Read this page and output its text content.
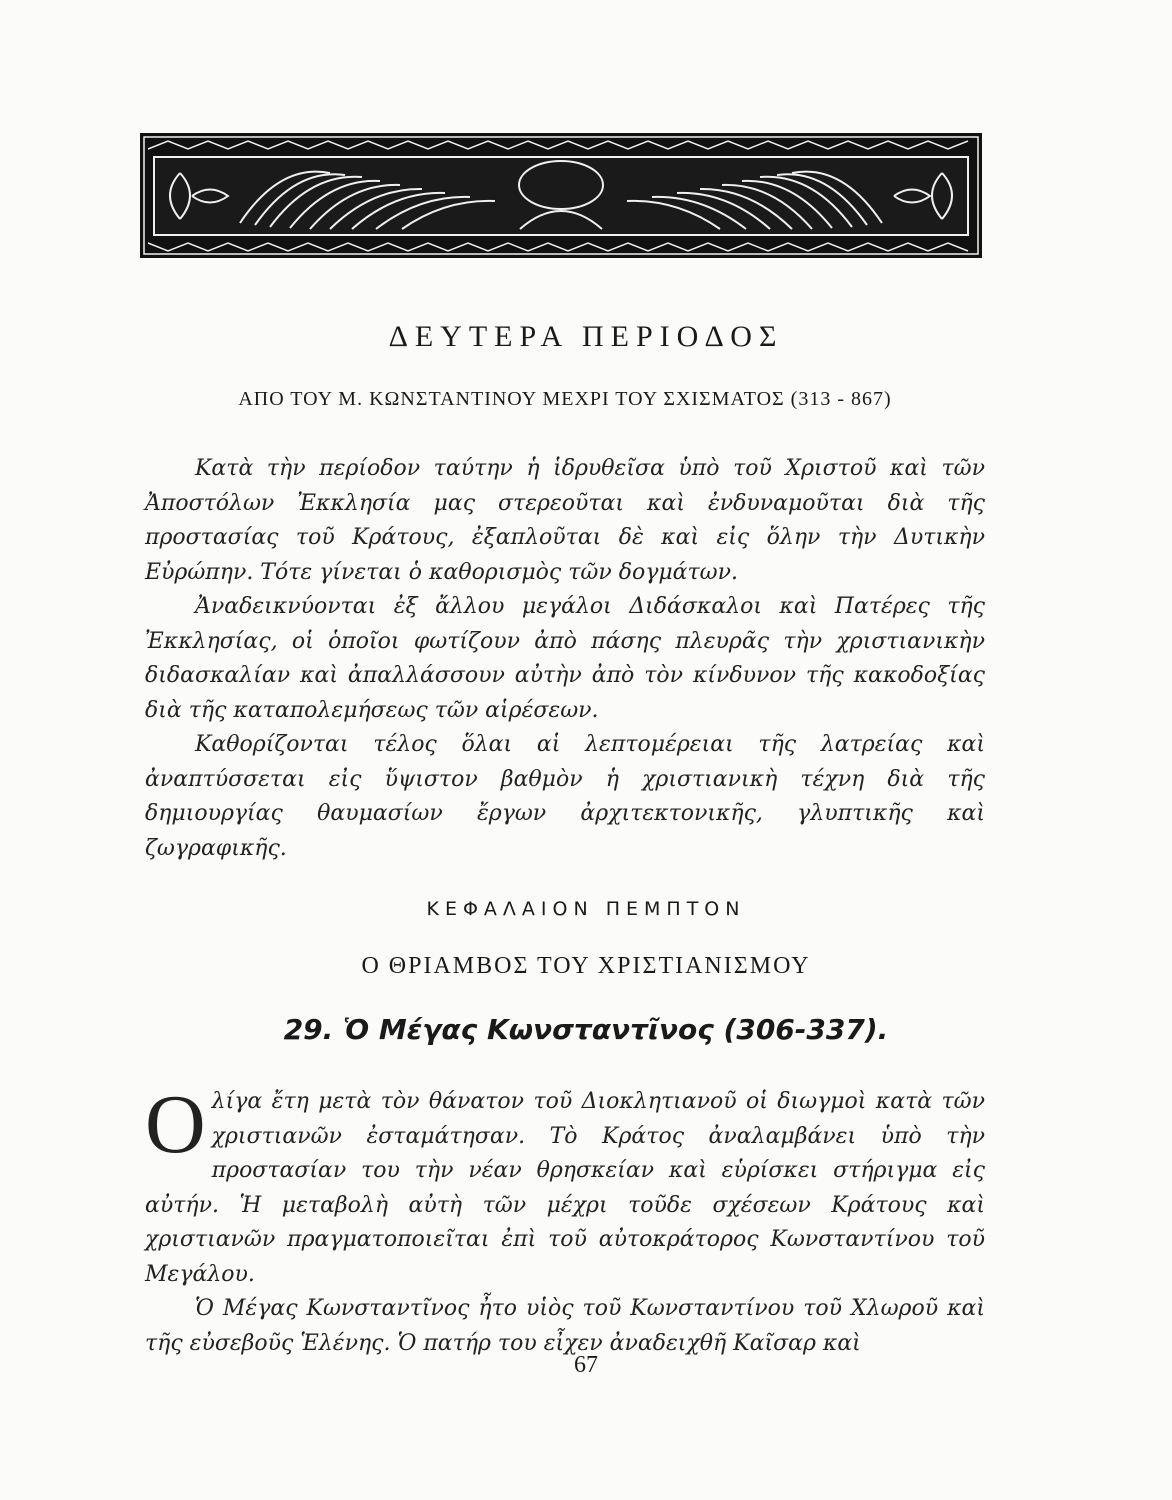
ΔΕΥΤΕΡΑ ΠΕΡΙΟΔΟΣ
ΑΠΟ ΤΟΥ Μ. ΚΩΝΣΤΑΝΤΙΝΟΥ ΜΕΧΡΙ ΤΟΥ ΣΧΙΣΜΑΤΟΣ (313 - 867)

Κατὰ τὴν περίοδον ταύτην ἡ ἱδρυθεῖσα ὑπὸ τοῦ Χριστοῦ καὶ τῶν Ἀποστόλων Ἐκκλησία μας στερεοῦται καὶ ἐνδυναμοῦται διὰ τῆς προστασίας τοῦ Κράτους, ἐξαπλοῦται δὲ καὶ εἰς ὅλην τὴν Δυτικὴν Εὐρώπην. Τότε γίνεται ὁ καθορισμὸς τῶν δογμάτων.

Ἀναδεικνύονται ἐξ ἄλλου μεγάλοι Διδάσκαλοι καὶ Πατέρες τῆς Ἐκκλησίας, οἱ ὁποῖοι φωτίζουν ἀπὸ πάσης πλευρᾶς τὴν χριστιανικὴν διδασκαλίαν καὶ ἀπαλλάσσουν αὐτὴν ἀπὸ τὸν κίνδυνον τῆς κακοδοξίας διὰ τῆς καταπολεμήσεως τῶν αἱρέσεων.

Καθορίζονται τέλος ὅλαι αἱ λεπτομέρειαι τῆς λατρείας καὶ ἀναπτύσσεται εἰς ὕψιστον βαθμὸν ἡ χριστιανικὴ τέχνη διὰ τῆς δημιουργίας θαυμασίων ἔργων ἀρχιτεκτονικῆς, γλυπτικῆς καὶ ζωγραφικῆς.

ΚΕΦΑΛΑΙΟΝ ΠΕΜΠΤΟΝ
Ο ΘΡΙΑΜΒΟΣ ΤΟΥ ΧΡΙΣΤΙΑΝΙΣΜΟΥ
29. Ὁ Μέγας Κωνσταντῖνος (306-337).

Ολίγα ἔτη μετὰ τὸν θάνατον τοῦ Διοκλητιανοῦ οἱ διωγμοὶ κατὰ τῶν χριστιανῶν ἐσταμάτησαν. Τὸ Κράτος ἀναλαμβάνει ὑπὸ τὴν προστασίαν του τὴν νέαν θρησκείαν καὶ εὑρίσκει στήριγμα εἰς αὐτήν. Ἡ μεταβολὴ αὐτὴ τῶν μέχρι τοῦδε σχέσεων Κράτους καὶ χριστιανῶν πραγματοποιεῖται ἐπὶ τοῦ αὐτοκράτορος Κωνσταντίνου τοῦ Μεγάλου.

Ὁ Μέγας Κωνσταντῖνος ἦτο υἱὸς τοῦ Κωνσταντίνου τοῦ Χλωροῦ καὶ τῆς εὐσεβοῦς Ἑλένης. Ὁ πατήρ του εἶχεν ἀναδειχθῆ Καῖσαρ καὶ

67
